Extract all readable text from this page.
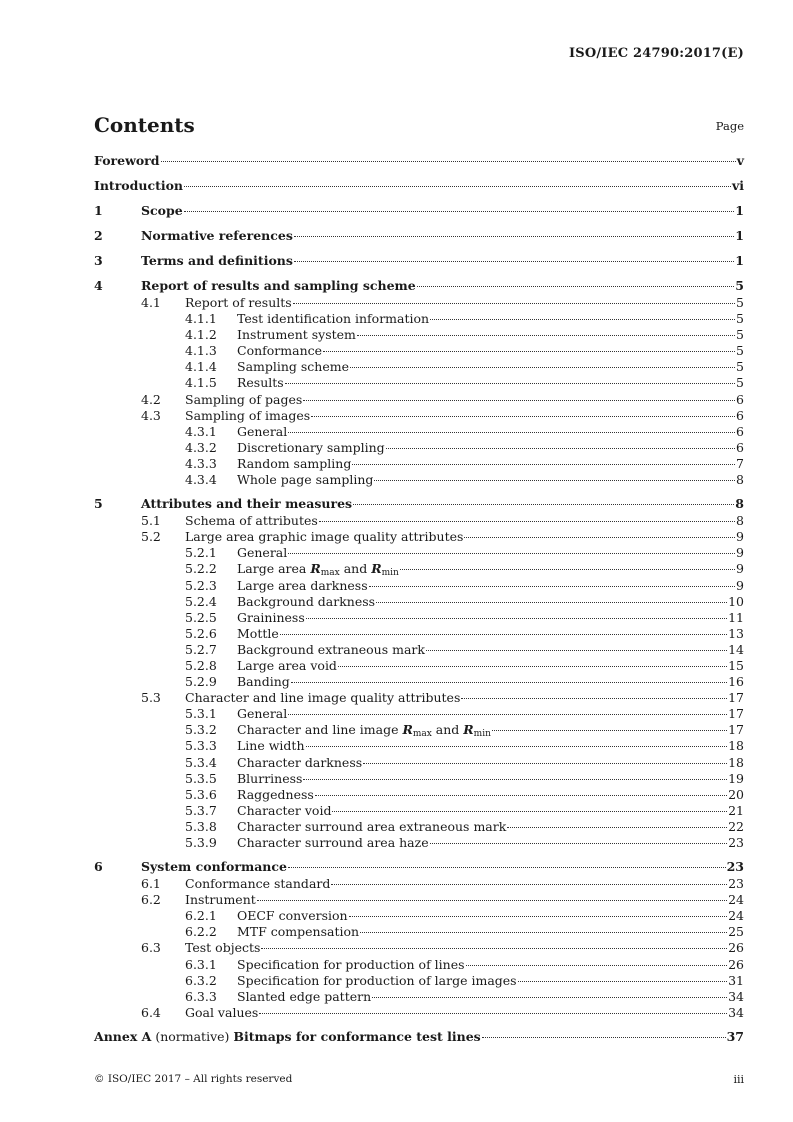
ISO/IEC 24790:2017(E)
Contents	Page
Foreword	v
Introduction	vi
1	Scope	1
2	Normative references	1
3	Terms and definitions	1
4	Report of results and sampling scheme	5
4.1 Report of results	5
4.1.1 Test identification information	5
4.1.2 Instrument system	5
4.1.3 Conformance	5
4.1.4 Sampling scheme	5
4.1.5 Results	5
4.2 Sampling of pages	6
4.3 Sampling of images	6
4.3.1 General	6
4.3.2 Discretionary sampling	6
4.3.3 Random sampling	7
4.3.4 Whole page sampling	8
5	Attributes and their measures	8
5.1 Schema of attributes	8
5.2 Large area graphic image quality attributes	9
5.2.1 General	9
5.2.2 Large area $R_{max}$ and $R_{min}$	9
5.2.3 Large area darkness	9
5.2.4 Background darkness	10
5.2.5 Graininess	11
5.2.6 Mottle	13
5.2.7 Background extraneous mark	14
5.2.8 Large area void	15
5.2.9 Banding	16
5.3 Character and line image quality attributes	17
5.3.1 General	17
5.3.2 Character and line image $R_{max}$ and $R_{min}$	17
5.3.3 Line width	18
5.3.4 Character darkness	18
5.3.5 Blurriness	19
5.3.6 Raggedness	20
5.3.7 Character void	21
5.3.8 Character surround area extraneous mark	22
5.3.9 Character surround area haze	23
6	System conformance	23
6.1 Conformance standard	23
6.2 Instrument	24
6.2.1 OECF conversion	24
6.2.2 MTF compensation	25
6.3 Test objects	26
6.3.1 Specification for production of lines	26
6.3.2 Specification for production of large images	31
6.3.3 Slanted edge pattern	34
6.4 Goal values	34
Annex A (normative) Bitmaps for conformance test lines	37
© ISO/IEC 2017 – All rights reserved	iii
